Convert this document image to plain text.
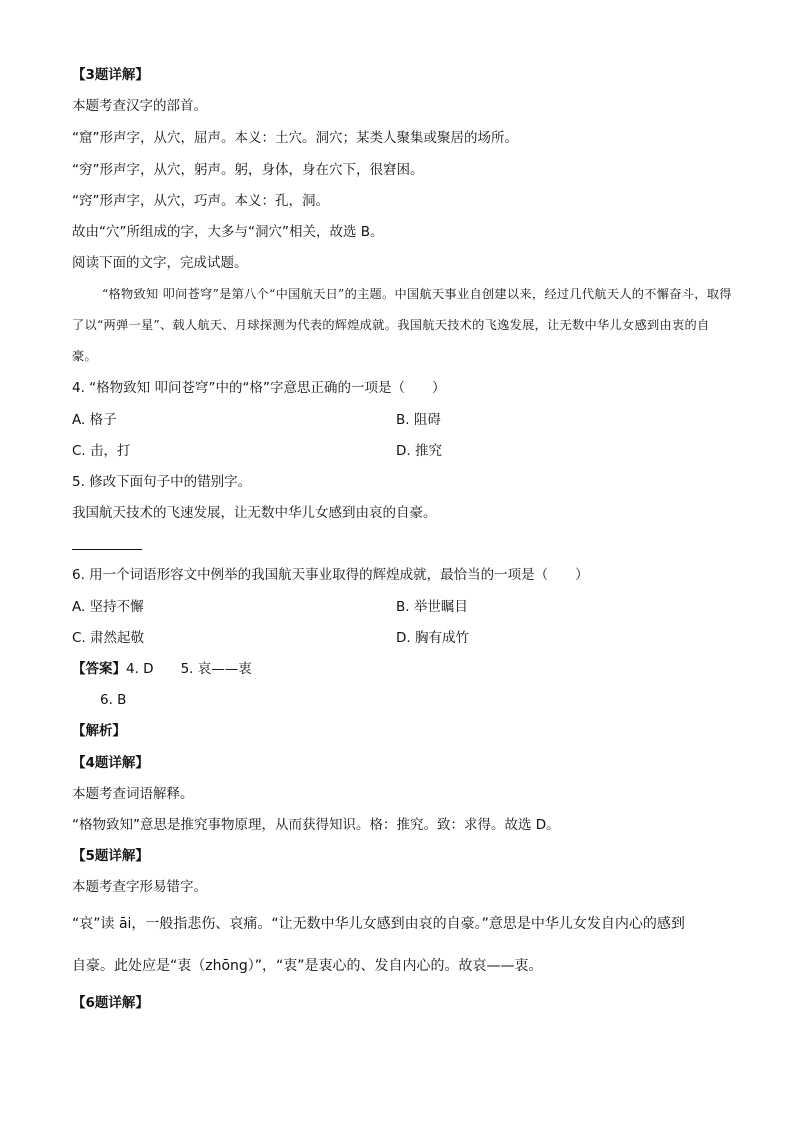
【3题详解】
本题考查汉字的部首。
“窟”形声字，从穴，屈声。本义：土穴。洞穴；某类人聚集或聚居的场所。
“穷”形声字，从穴，躬声。躬，身体，身在穴下，很窘困。
“窍”形声字，从穴，巧声。本义：孔，洞。
故由“穴”所组成的字，大多与“洞穴”相关，故选 B。
阅读下面的文字，完成试题。
“格物致知 叩问苍穹”是第八个“中国航天日”的主题。中国航天事业自创建以来，经过几代航天人的不懈奋斗，取得了以“两弹一星”、载人航天、月球探测为代表的辉煌成就。我国航天技术的飞逸发展，让无数中华儿女感到由衷的自豪。
4. “格物致知 叩问苍穹”中的“格”字意思正确的一项是（　　）
A. 格子	B. 阻碍
C. 击，打	D. 推究
5. 修改下面句子中的错别字。
我国航天技术的飞速发展，让无数中华儿女感到由哀的自豪。
6. 用一个词语形容文中例举的我国航天事业取得的辉煌成就，最恰当的一项是（　　）
A. 坚持不懈	B. 举世瞩目
C. 肃然起敬	D. 胸有成竹
【答案】4. D　　5. 哀——衷
6. B
【解析】
【4题详解】
本题考查词语解释。
“格物致知”意思是推究事物原理，从而获得知识。格：推究。致：求得。故选 D。
【5题详解】
本题考查字形易错字。
“哀”读 āi，一般指悲伤、哀痛。“让无数中华儿女感到由哀的自豪。”意思是中华儿女发自内心的感到
自豪。此处应是“衷（zhōng）”，“衷”是衷心的、发自内心的。故哀——衷。
【6题详解】
